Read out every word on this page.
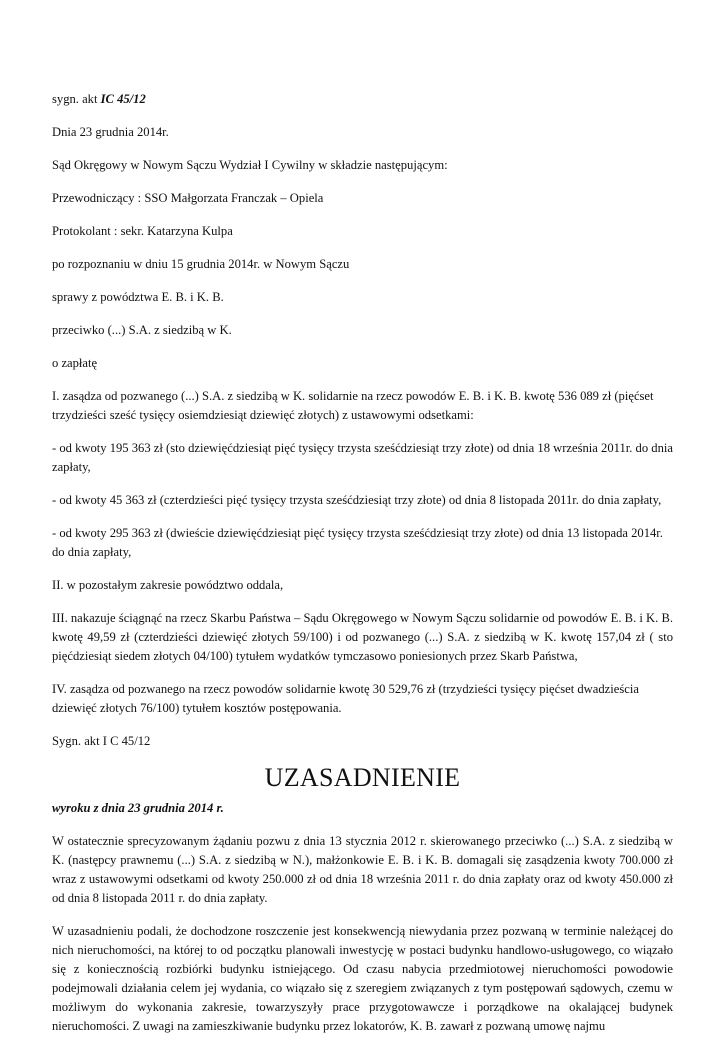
sygn. akt IC 45/12

Dnia 23 grudnia 2014r.

Sąd Okręgowy w Nowym Sączu Wydział I Cywilny w składzie następującym:

Przewodniczący : SSO Małgorzata Franczak – Opiela

Protokolant : sekr. Katarzyna Kulpa

po rozpoznaniu w dniu 15 grudnia 2014r. w Nowym Sączu

sprawy z powództwa E. B. i K. B.

przeciwko (...) S.A. z siedzibą w K.

o zapłatę

I. zasądza od pozwanego (...) S.A. z siedzibą w K. solidarnie na rzecz powodów E. B. i K. B. kwotę 536 089 zł (pięćset trzydzieści sześć tysięcy osiemdziesiąt dziewięć złotych) z ustawowymi odsetkami:

- od kwoty 195 363 zł (sto dziewięćdziesiąt pięć tysięcy trzysta sześćdziesiąt trzy złote) od dnia 18 września 2011r. do dnia zapłaty,

- od kwoty 45 363 zł (czterdzieści pięć tysięcy trzysta sześćdziesiąt trzy złote) od dnia 8 listopada 2011r. do dnia zapłaty,

- od kwoty 295 363 zł (dwieście dziewięćdziesiąt pięć tysięcy trzysta sześćdziesiąt trzy złote) od dnia 13 listopada 2014r. do dnia zapłaty,

II. w pozostałym zakresie powództwo oddala,

III. nakazuje ściągnąć na rzecz Skarbu Państwa – Sądu Okręgowego w Nowym Sączu solidarnie od powodów E. B. i K. B. kwotę 49,59 zł (czterdzieści dziewięć złotych 59/100) i od pozwanego (...) S.A. z siedzibą w K. kwotę 157,04 zł ( sto pięćdziesiąt siedem złotych 04/100) tytułem wydatków tymczasowo poniesionych przez Skarb Państwa,

IV. zasądza od pozwanego na rzecz powodów solidarnie kwotę 30 529,76 zł (trzydzieści tysięcy pięćset dwadzieścia dziewięć złotych 76/100) tytułem kosztów postępowania.

Sygn. akt I C 45/12

UZASADNIENIE

wyroku z dnia 23 grudnia 2014 r.

W ostatecznie sprecyzowanym żądaniu pozwu z dnia 13 stycznia 2012 r. skierowanego przeciwko (...) S.A. z siedzibą w K. (następcy prawnemu (...) S.A. z siedzibą w N.), małżonkowie E. B. i K. B. domagali się zasądzenia kwoty 700.000 zł wraz z ustawowymi odsetkami od kwoty 250.000 zł od dnia 18 września 2011 r. do dnia zapłaty oraz od kwoty 450.000 zł od dnia 8 listopada 2011 r. do dnia zapłaty.

W uzasadnieniu podali, że dochodzone roszczenie jest konsekwencją niewydania przez pozwaną w terminie należącej do nich nieruchomości, na której to od początku planowali inwestycję w postaci budynku handlowo-usługowego, co wiązało się z koniecznością rozbiórki budynku istniejącego. Od czasu nabycia przedmiotowej nieruchomości powodowie podejmowali działania celem jej wydania, co wiązało się z szeregiem związanych z tym postępowań sądowych, czemu w możliwym do wykonania zakresie, towarzyszyły prace przygotowawcze i porządkowe na okalającej budynek nieruchomości. Z uwagi na zamieszkiwanie budynku przez lokatorów, K. B. zawarł z pozwaną umowę najmu
